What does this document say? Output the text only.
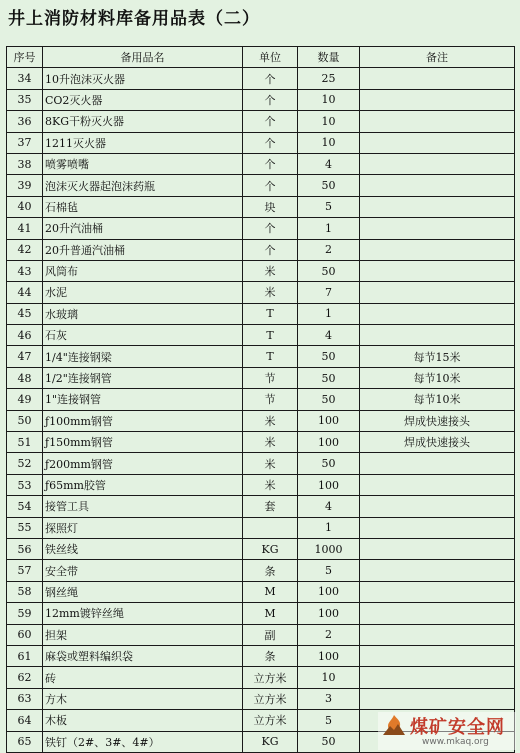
井上消防材料库备用品表（二）
序号	备用品名	单位	数量	备注
34	10升泡沫灭火器	个	25	
35	CO2灭火器	个	10	
36	8KG干粉灭火器	个	10	
37	1211灭火器	个	10	
38	喷雾喷嘴	个	4	
39	泡沫灭火器起泡沫药瓶	个	50	
40	石棉毡	块	5	
41	20升汽油桶	个	1	
42	20升普通汽油桶	个	2	
43	风筒布	米	50	
44	水泥	米	7	
45	水玻璃	T	1	
46	石灰	T	4	
47	1/4"连接钢梁	T	50	每节15米
48	1/2"连接钢管	节	50	每节10米
49	1"连接钢管	节	50	每节10米
50	ƒ100mm钢管	米	100	焊成快速接头
51	ƒ150mm钢管	米	100	焊成快速接头
52	ƒ200mm钢管	米	50	
53	ƒ65mm胶管	米	100	
54	接管工具	套	4	
55	探照灯		1	
56	铁丝线	KG	1000	
57	安全带	条	5	
58	钢丝绳	M	100	
59	12mm镀锌丝绳	M	100	
60	担架	副	2	
61	麻袋或塑料编织袋	条	100	
62	砖	立方米	10	
63	方木	立方米	3	
64	木板	立方米	5	
65	铁钉（2#、3#、4#）	KG	50	
煤矿安全网
www.mkaq.org
